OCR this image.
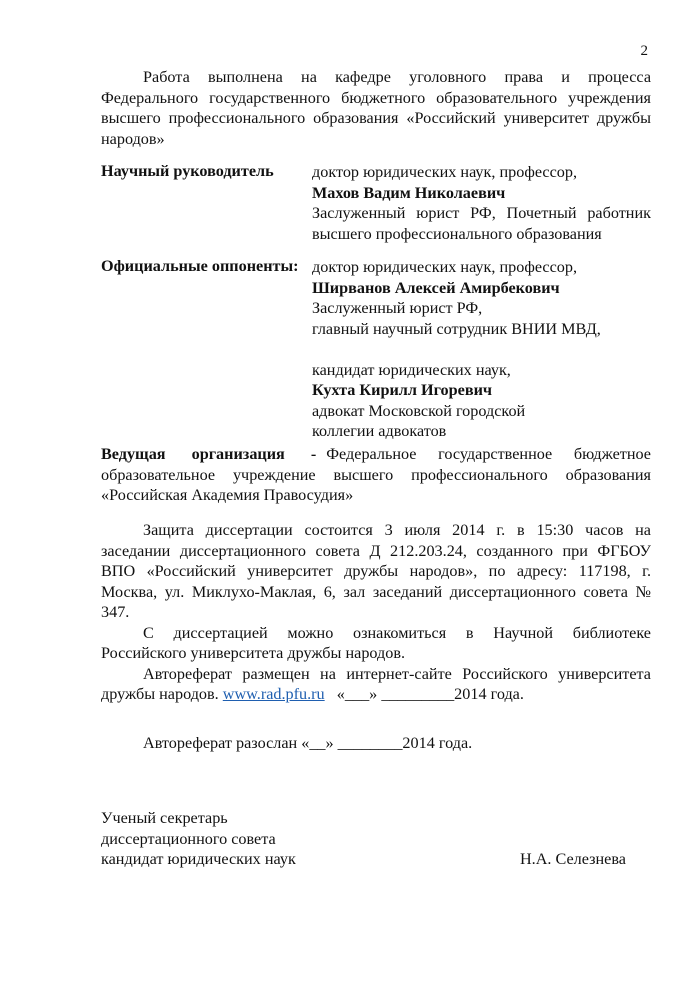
2
Работа выполнена на кафедре уголовного права и процесса
Федерального государственного бюджетного образовательного учреждения
высшего профессионального образования «Российский университет дружбы
народов»
Научный руководитель доктор юридических наук, профессор,
Махов Вадим Николаевич
Заслуженный юрист РФ, Почетный работник
высшего профессионального образования
Официальные оппоненты: доктор юридических наук, профессор,
Ширванов Алексей Амирбекович
Заслуженный юрист РФ,
главный научный сотрудник ВНИИ МВД,
кандидат юридических наук,
Кухта Кирилл Игоревич
адвокат Московской городской
коллегии адвокатов
Ведущая организация - Федеральное государственное бюджетное
образовательное учреждение высшего профессионального образования
«Российская Академия Правосудия»
Защита диссертации состоится 3 июля 2014 г. в 15:30 часов на
заседании диссертационного совета Д 212.203.24, созданного при ФГБОУ
ВПО «Российский университет дружбы народов», по адресу: 117198, г.
Москва, ул. Миклухо-Маклая, 6, зал заседаний диссертационного совета №
347.
С диссертацией можно ознакомиться в Научной библиотеке
Российского университета дружбы народов.
Автореферат размещен на интернет-сайте Российского университета
дружбы народов. www.rad.pfu.ru «___» _________2014 года.
Автореферат разослан «__» ________2014 года.
Ученый секретарь
диссертационного совета
кандидат юридических наук	Н.А. Селезнева
